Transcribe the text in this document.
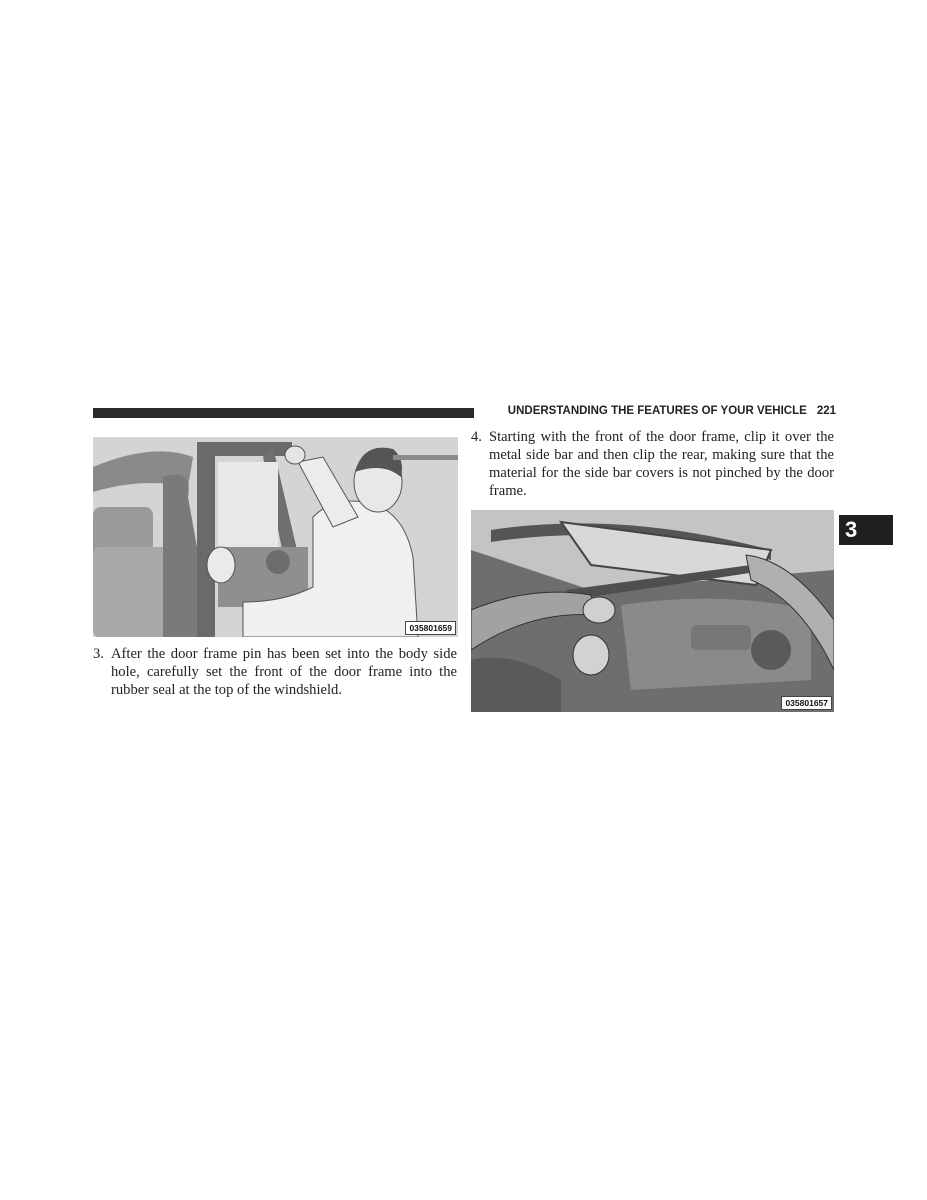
UNDERSTANDING THE FEATURES OF YOUR VEHICLE 221
3
035801659
3. After the door frame pin has been set into the body side hole, carefully set the front of the door frame into the rubber seal at the top of the windshield.
4. Starting with the front of the door frame, clip it over the metal side bar and then clip the rear, making sure that the material for the side bar covers is not pinched by the door frame.
035801657
